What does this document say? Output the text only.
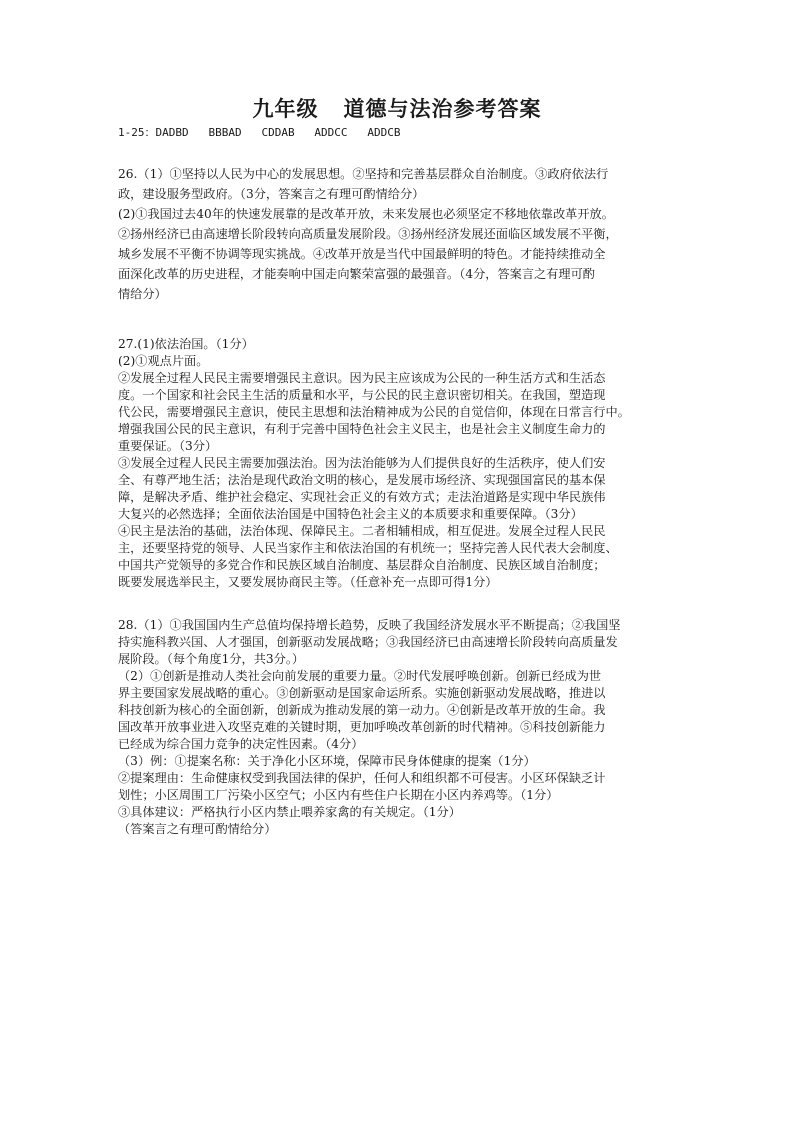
九年级   道德与法治参考答案
1-25：DADBD   BBBAD   CDDAB   ADDCC   ADDCB
26.（1）①坚持以人民为中心的发展思想。②坚持和完善基层群众自治制度。③政府依法行
政，建设服务型政府。（3分，答案言之有理可酌情给分）
(2)①我国过去40年的快速发展靠的是改革开放，未来发展也必须坚定不移地依靠改革开放。
②扬州经济已由高速增长阶段转向高质量发展阶段。③扬州经济发展还面临区域发展不平衡，
城乡发展不平衡不协调等现实挑战。④改革开放是当代中国最鲜明的特色。才能持续推动全
面深化改革的历史进程，才能奏响中国走向繁荣富强的最强音。（4分，答案言之有理可酌
情给分）
27.(1)依法治国。（1分）
(2)①观点片面。
②发展全过程人民民主需要增强民主意识。因为民主应该成为公民的一种生活方式和生活态
度。一个国家和社会民主生活的质量和水平，与公民的民主意识密切相关。在我国，塑造现
代公民，需要增强民主意识，使民主思想和法治精神成为公民的自觉信仰，体现在日常言行中。
增强我国公民的民主意识，有利于完善中国特色社会主义民主，也是社会主义制度生命力的
重要保证。（3分）
③发展全过程人民民主需要加强法治。因为法治能够为人们提供良好的生活秩序，使人们安
全、有尊严地生活；法治是现代政治文明的核心，是发展市场经济、实现强国富民的基本保
障，是解决矛盾、维护社会稳定、实现社会正义的有效方式；走法治道路是实现中华民族伟
大复兴的必然选择；全面依法治国是中国特色社会主义的本质要求和重要保障。（3分）
④民主是法治的基础，法治体现、保障民主。二者相辅相成，相互促进。发展全过程人民民
主，还要坚持党的领导、人民当家作主和依法治国的有机统一；坚持完善人民代表大会制度、
中国共产党领导的多党合作和民族区域自治制度、基层群众自治制度、民族区域自治制度；
既要发展选举民主，又要发展协商民主等。（任意补充一点即可得1分）
28.（1）①我国国内生产总值均保持增长趋势，反映了我国经济发展水平不断提高；②我国坚
持实施科教兴国、人才强国，创新驱动发展战略；③我国经济已由高速增长阶段转向高质量发
展阶段。（每个角度1分，共3分。）
（2）①创新是推动人类社会向前发展的重要力量。②时代发展呼唤创新。创新已经成为世
界主要国家发展战略的重心。③创新驱动是国家命运所系。实施创新驱动发展战略，推进以
科技创新为核心的全面创新，创新成为推动发展的第一动力。④创新是改革开放的生命。我
国改革开放事业进入攻坚克难的关键时期，更加呼唤改革创新的时代精神。⑤科技创新能力
已经成为综合国力竞争的决定性因素。（4分）
（3）例：①提案名称：关于净化小区环境，保障市民身体健康的提案（1分）
②提案理由：生命健康权受到我国法律的保护，任何人和组织都不可侵害。小区环保缺乏计
划性；小区周围工厂污染小区空气；小区内有些住户长期在小区内养鸡等。（1分）
③具体建议：严格执行小区内禁止喂养家禽的有关规定。（1分）
（答案言之有理可酌情给分）
